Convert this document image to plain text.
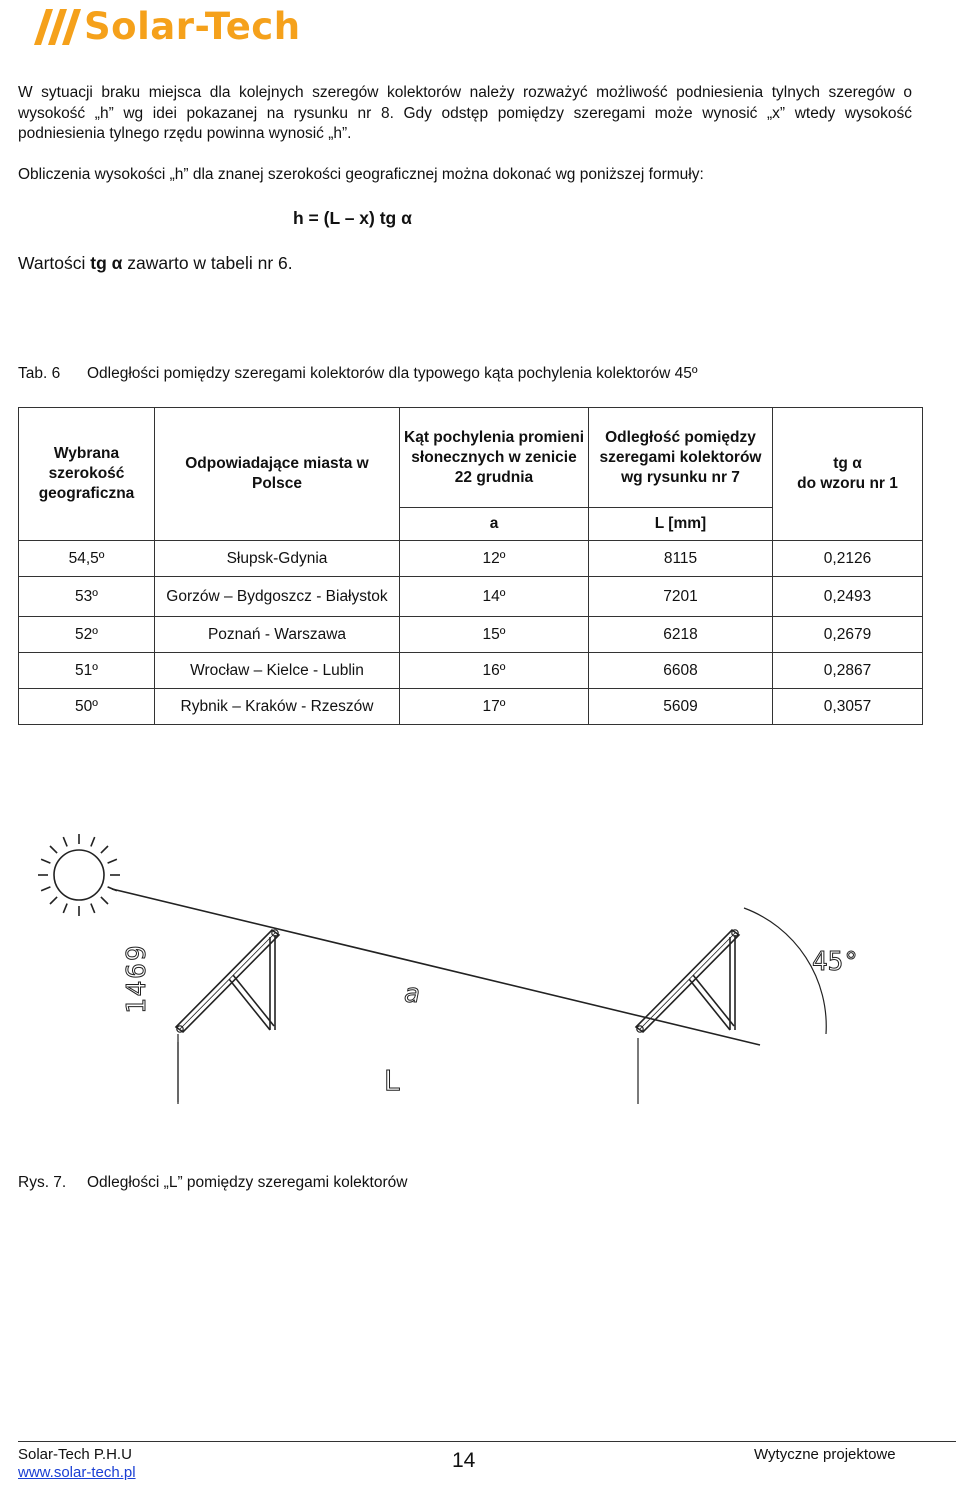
Solar-Tech
W sytuacji braku miejsca dla kolejnych szeregów kolektorów należy rozważyć możliwość podniesienia tylnych szeregów o wysokość „h” wg idei pokazanej na rysunku nr 8. Gdy odstęp pomiędzy szeregami może wynosić „x” wtedy wysokość podniesienia tylnego rzędu powinna wynosić „h”.
Obliczenia wysokości „h” dla znanej szerokości geograficznej można dokonać wg poniższej formuły:
h = (L – x) tg α
Wartości tg α zawarto w tabeli nr 6.
Tab. 6 Odległości pomiędzy szeregami kolektorów dla typowego kąta pochylenia kolektorów 45º
Wybrana szerokość geograficzna	Odpowiadające miasta w Polsce	Kąt pochylenia promieni słonecznych w zenicie 22 grudnia	Odległość pomiędzy szeregami kolektorów wg rysunku nr 7	tg α
do wzoru nr 1
		a	L [mm]	
54,5º	Słupsk-Gdynia	12º	8115	0,2126
53º	Gorzów – Bydgoszcz - Białystok	14º	7201	0,2493
52º	Poznań - Warszawa	15º	6218	0,2679
51º	Wrocław – Kielce - Lublin	16º	6608	0,2867
50º	Rybnik – Kraków - Rzeszów	17º	5609	0,3057
1469	a
L
45°
Rys. 7. Odległości „L” pomiędzy szeregami kolektorów
Solar-Tech P.H.U
www.solar-tech.pl
14	Wytyczne projektowe
